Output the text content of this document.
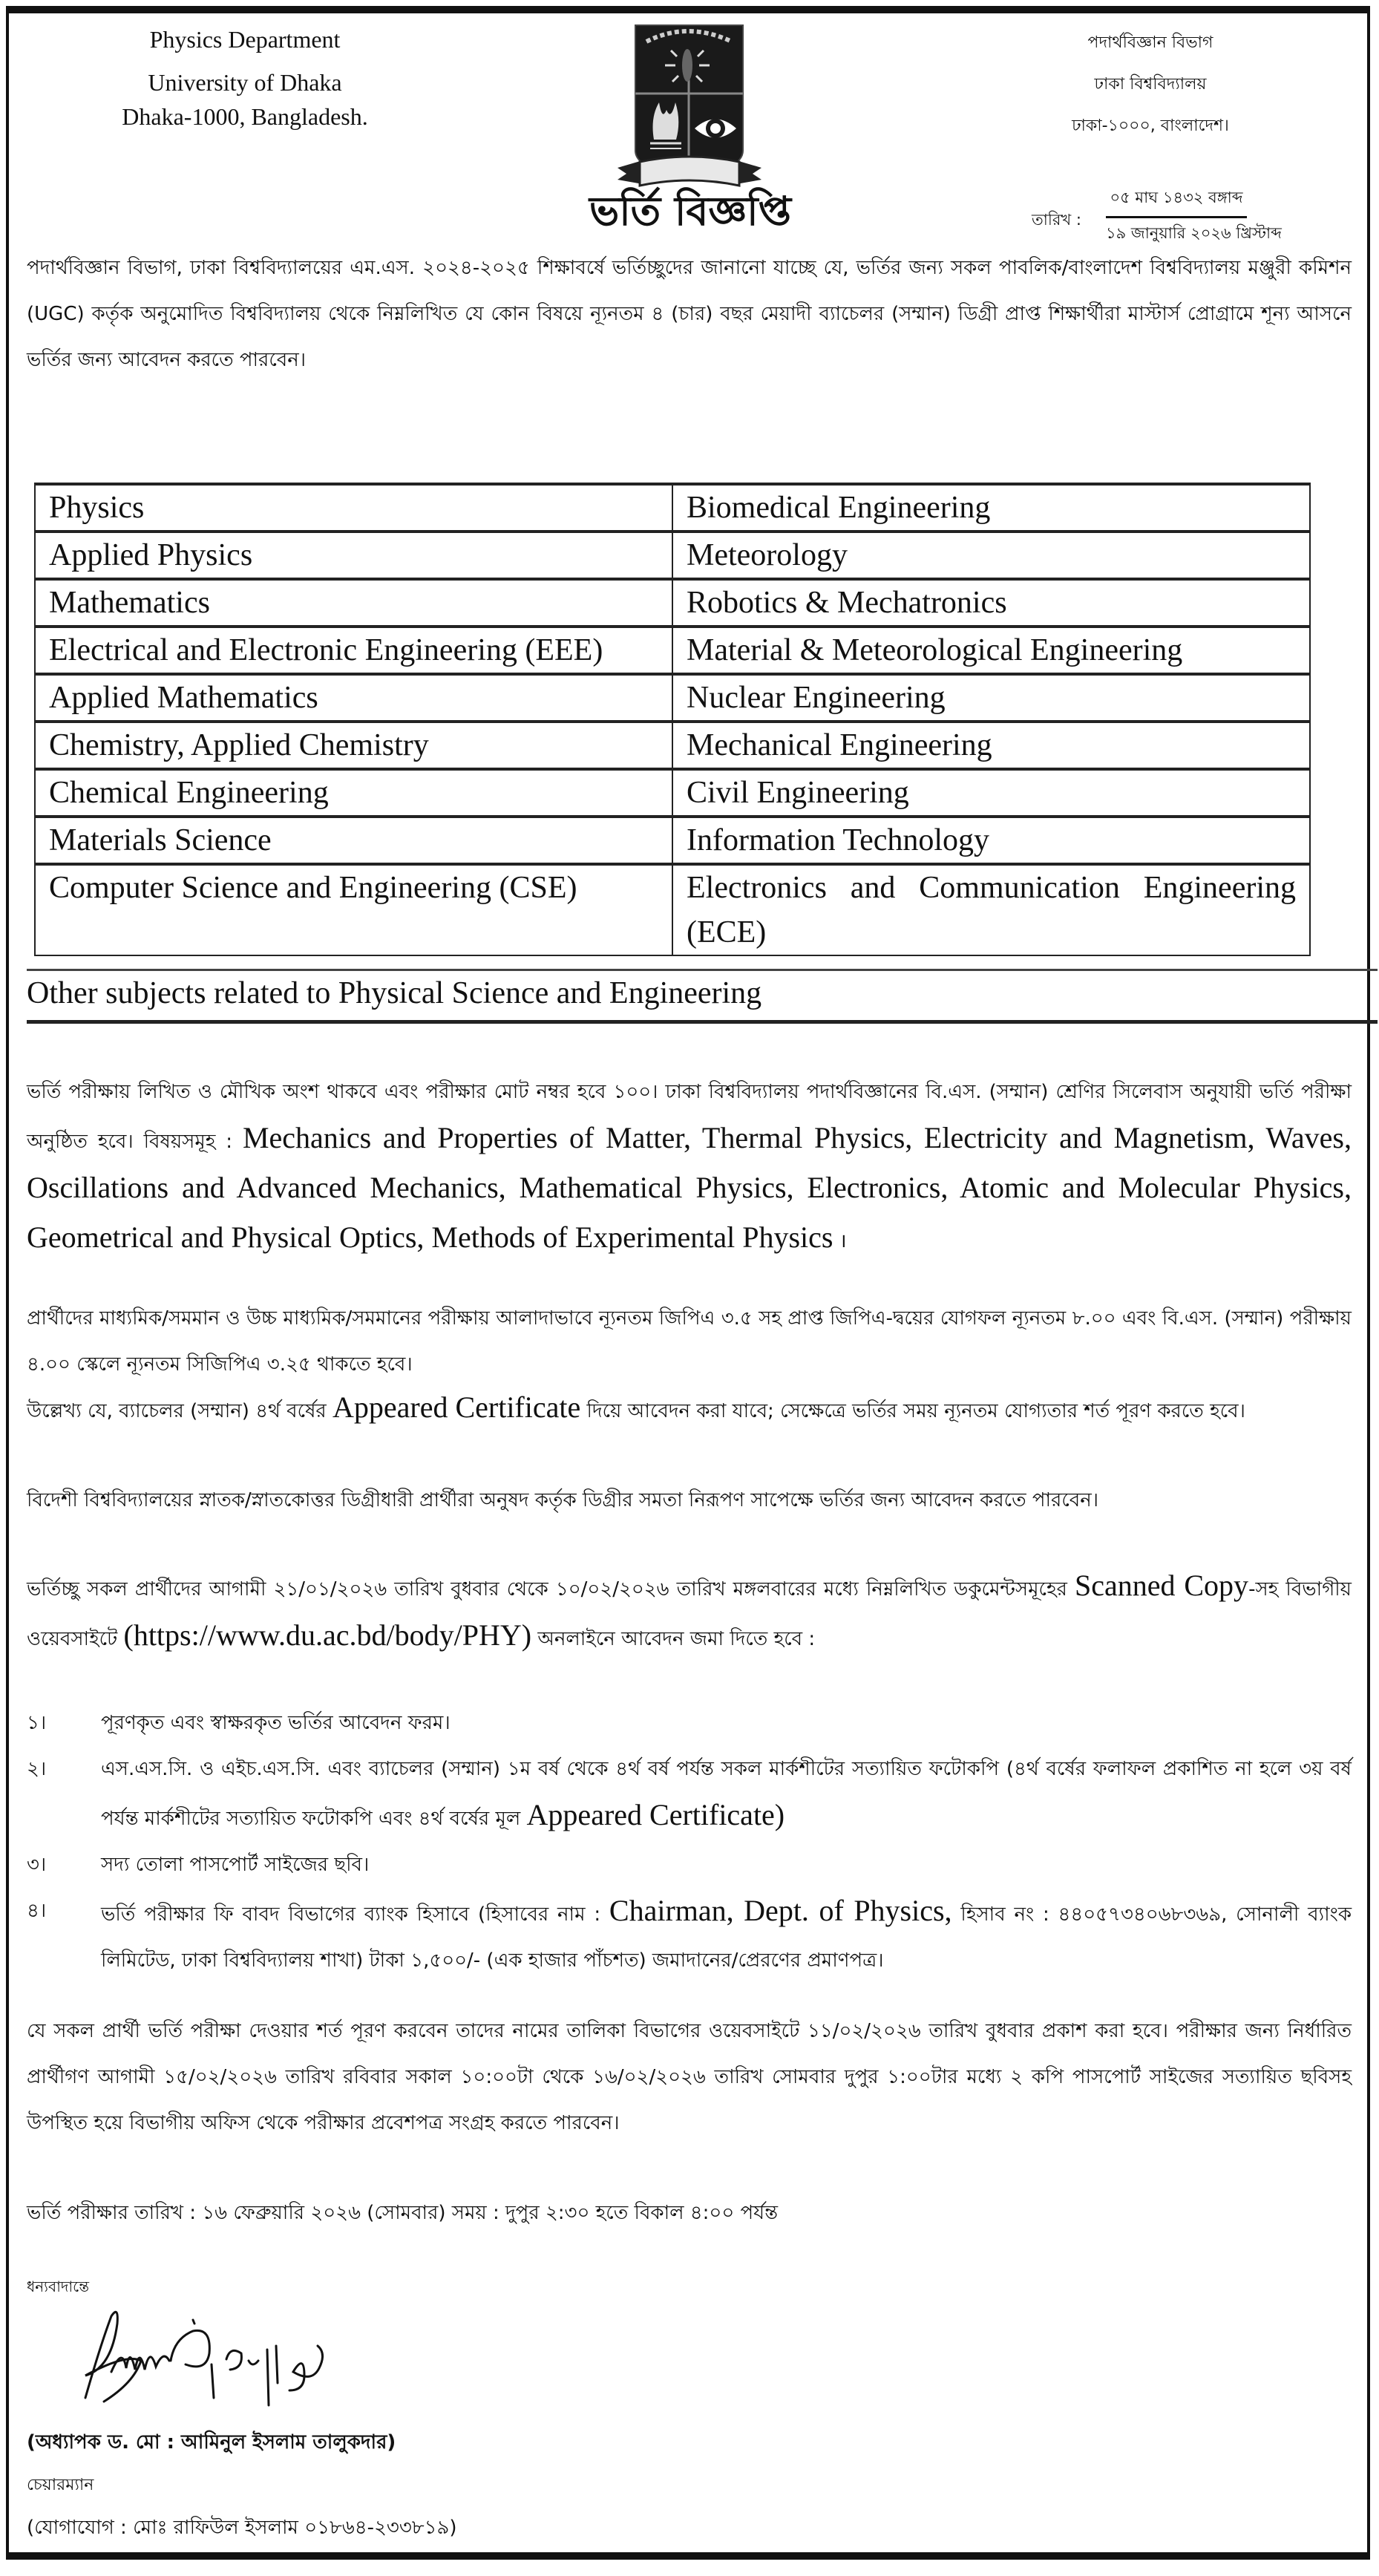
Physics Department
University of Dhaka
Dhaka-1000, Bangladesh.
পদার্থবিজ্ঞান বিভাগ
ঢাকা বিশ্ববিদ্যালয়
ঢাকা-১০০০, বাংলাদেশ।
ভর্তি বিজ্ঞপ্তি	তারিখ :
০৫ মাঘ ১৪৩২ বঙ্গাব্দ
১৯ জানুয়ারি ২০২৬ খ্রিস্টাব্দ
পদার্থবিজ্ঞান বিভাগ, ঢাকা বিশ্ববিদ্যালয়ের এম.এস. ২০২৪-২০২৫ শিক্ষাবর্ষে ভর্তিচ্ছুদের জানানো যাচ্ছে যে, ভর্তির জন্য সকল পাবলিক/বাংলাদেশ বিশ্ববিদ্যালয় মঞ্জুরী কমিশন (UGC) কর্তৃক অনুমোদিত বিশ্ববিদ্যালয় থেকে নিম্নলিখিত যে কোন বিষয়ে ন্যূনতম ৪ (চার) বছর মেয়াদী ব্যাচেলর (সম্মান) ডিগ্রী প্রাপ্ত শিক্ষার্থীরা মাস্টার্স প্রোগ্রামে শূন্য আসনে ভর্তির জন্য আবেদন করতে পারবেন।
Physics	Biomedical Engineering
Applied Physics	Meteorology
Mathematics	Robotics & Mechatronics
Electrical and Electronic Engineering (EEE)	Material & Meteorological Engineering
Applied Mathematics	Nuclear Engineering
Chemistry, Applied Chemistry	Mechanical Engineering
Chemical Engineering	Civil Engineering
Materials Science	Information Technology
Computer Science and Engineering (CSE)	Electronics and Communication Engineering (ECE)
Other subjects related to Physical Science and Engineering
ভর্তি পরীক্ষায় লিখিত ও মৌখিক অংশ থাকবে এবং পরীক্ষার মোট নম্বর হবে ১০০। ঢাকা বিশ্ববিদ্যালয় পদার্থবিজ্ঞানের বি.এস. (সম্মান) শ্রেণির সিলেবাস অনুযায়ী ভর্তি পরীক্ষা অনুষ্ঠিত হবে। বিষয়সমূহ : Mechanics and Properties of Matter, Thermal Physics, Electricity and Magnetism, Waves, Oscillations and Advanced Mechanics, Mathematical Physics, Electronics, Atomic and Molecular Physics, Geometrical and Physical Optics, Methods of Experimental Physics ।
প্রার্থীদের মাধ্যমিক/সমমান ও উচ্চ মাধ্যমিক/সমমানের পরীক্ষায় আলাদাভাবে ন্যূনতম জিপিএ ৩.৫ সহ প্রাপ্ত জিপিএ-দ্বয়ের যোগফল ন্যূনতম ৮.০০ এবং বি.এস. (সম্মান) পরীক্ষায় ৪.০০ স্কেলে ন্যূনতম সিজিপিএ ৩.২৫ থাকতে হবে।
উল্লেখ্য যে, ব্যাচেলর (সম্মান) ৪র্থ বর্ষের Appeared Certificate দিয়ে আবেদন করা যাবে; সেক্ষেত্রে ভর্তির সময় ন্যূনতম যোগ্যতার শর্ত পূরণ করতে হবে।
বিদেশী বিশ্ববিদ্যালয়ের স্নাতক/স্নাতকোত্তর ডিগ্রীধারী প্রার্থীরা অনুষদ কর্তৃক ডিগ্রীর সমতা নিরূপণ সাপেক্ষে ভর্তির জন্য আবেদন করতে পারবেন।
ভর্তিচ্ছু সকল প্রার্থীদের আগামী ২১/০১/২০২৬ তারিখ বুধবার থেকে ১০/০২/২০২৬ তারিখ মঙ্গলবারের মধ্যে নিম্নলিখিত ডকুমেন্টসমূহের Scanned Copy-সহ বিভাগীয় ওয়েবসাইটে (https://www.du.ac.bd/body/PHY) অনলাইনে আবেদন জমা দিতে হবে :
১।	পূরণকৃত এবং স্বাক্ষরকৃত ভর্তির আবেদন ফরম।
২।	এস.এস.সি. ও এইচ.এস.সি. এবং ব্যাচেলর (সম্মান) ১ম বর্ষ থেকে ৪র্থ বর্ষ পর্যন্ত সকল মার্কশীটের সত্যায়িত ফটোকপি (৪র্থ বর্ষের ফলাফল প্রকাশিত না হলে ৩য় বর্ষ পর্যন্ত মার্কশীটের সত্যায়িত ফটোকপি এবং ৪র্থ বর্ষের মূল Appeared Certificate)
৩।	সদ্য তোলা পাসপোর্ট সাইজের ছবি।
৪।	ভর্তি পরীক্ষার ফি বাবদ বিভাগের ব্যাংক হিসাবে (হিসাবের নাম : Chairman, Dept. of Physics, হিসাব নং : ৪৪০৫৭৩৪০৬৮৩৬৯, সোনালী ব্যাংক লিমিটেড, ঢাকা বিশ্ববিদ্যালয় শাখা) টাকা ১,৫০০/- (এক হাজার পাঁচশত) জমাদানের/প্রেরণের প্রমাণপত্র।
যে সকল প্রার্থী ভর্তি পরীক্ষা দেওয়ার শর্ত পূরণ করবেন তাদের নামের তালিকা বিভাগের ওয়েবসাইটে ১১/০২/২০২৬ তারিখ বুধবার প্রকাশ করা হবে। পরীক্ষার জন্য নির্ধারিত প্রার্থীগণ আগামী ১৫/০২/২০২৬ তারিখ রবিবার সকাল ১০:০০টা থেকে ১৬/০২/২০২৬ তারিখ সোমবার দুপুর ১:০০টার মধ্যে ২ কপি পাসপোর্ট সাইজের সত্যায়িত ছবিসহ উপস্থিত হয়ে বিভাগীয় অফিস থেকে পরীক্ষার প্রবেশপত্র সংগ্রহ করতে পারবেন।
ভর্তি পরীক্ষার তারিখ : ১৬ ফেব্রুয়ারি ২০২৬ (সোমবার) সময় : দুপুর ২:৩০ হতে বিকাল ৪:০০ পর্যন্ত
ধন্যবাদান্তে
(অধ্যাপক ড. মো : আমিনুল ইসলাম তালুকদার)
চেয়ারম্যান
(যোগাযোগ : মোঃ রাফিউল ইসলাম ০১৮৬৪-২৩৩৮১৯)
